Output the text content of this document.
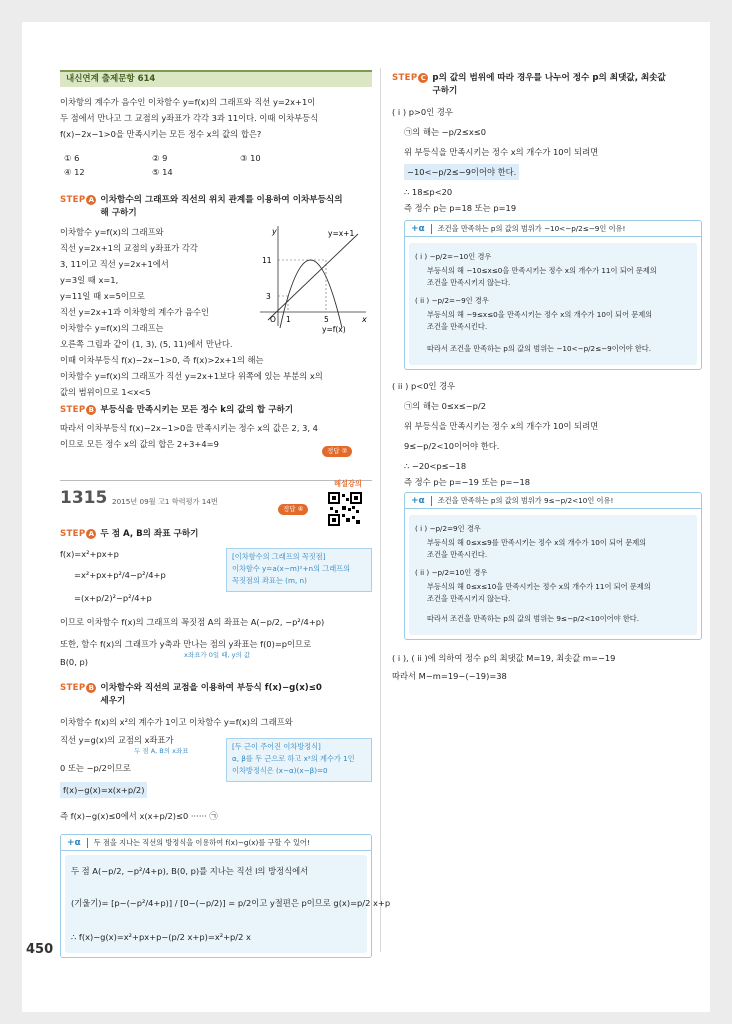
내신연계 출제문항 614
이차항의 계수가 음수인 이차함수 y=f(x)의 그래프와 직선 y=2x+1이
두 점에서 만나고 그 교점의 y좌표가 각각 3과 11이다. 이때 이차부등식
f(x)−2x−1>0을 만족시키는 모든 정수 x의 값의 합은?
① 6	② 9	③ 10
④ 12	⑤ 14
STEP A 이차함수의 그래프와 직선의 위치 관계를 이용하여 이차부등식의
해 구하기
이차함수 y=f(x)의 그래프와
직선 y=2x+1의 교점의 y좌표가 각각
3, 11이고 직선 y=2x+1에서
y=3일 때 x=1,
y=11일 때 x=5이므로
직선 y=2x+1과 이차항의 계수가 음수인
이차함수 y=f(x)의 그래프는
오른쪽 그림과 같이 (1, 3), (5, 11)에서 만난다.
이때 이차부등식 f(x)−2x−1>0, 즉 f(x)>2x+1의 해는
이차함수 y=f(x)의 그래프가 직선 y=2x+1보다 위쪽에 있는 부분의 x의
값의 범위이므로 1<x<5
y
x
y=x+1
y=f(x)
11
3
O 1	5
STEP B 부등식을 만족시키는 모든 정수 k의 값의 합 구하기
따라서 이차부등식 f(x)−2x−1>0을 만족시키는 정수 x의 값은 2, 3, 4
이므로 모든 정수 x의 값의 합은 2+3+4=9
정답 ②
해설강의
1315 2015년 09월 고1 학력평가 14번
정답 ④
STEP A 두 점 A, B의 좌표 구하기
f(x)=x²+px+p
=x²+px+p²/4−p²/4+p
=(x+p/2)²−p²/4+p
[이차함수의 그래프의 꼭짓점]
이차함수 y=a(x−m)²+n의 그래프의
꼭짓점의 좌표는 (m, n)
이므로 이차함수 f(x)의 그래프의 꼭짓점 A의 좌표는 A(−p/2, −p²/4+p)
또한, 함수 f(x)의 그래프가 y축과 만나는 점의 y좌표는 f(0)=p이므로
x좌표가 0일 때, y의 값
B(0, p)
STEP B 이차함수와 직선의 교점을 이용하여 부등식 f(x)−g(x)≤0
세우기
이차함수 f(x)의 x²의 계수가 1이고 이차함수 y=f(x)의 그래프와
직선 y=g(x)의 교점의 x좌표가
두 점 A, B의 x좌표
0 또는 −p/2이므로
f(x)−g(x)=x(x+p/2)
즉 f(x)−g(x)≤0에서 x(x+p/2)≤0 ······ ㉠
[두 근이 주어진 이차방정식]
α, β를 두 근으로 하고 x²의 계수가 1인
이차방정식은 (x−α)(x−β)=0
+α 두 점을 지나는 직선의 방정식을 이용하여 f(x)−g(x)를 구할 수 있어!
두 점 A(−p/2, −p²/4+p), B(0, p)를 지나는 직선 l의 방정식에서
(기울기)= [p−(−p²/4+p)] / [0−(−p/2)] = p/2이고 y절편은 p이므로 g(x)=p/2 x+p
∴ f(x)−g(x)=x²+px+p−(p/2 x+p)=x²+p/2 x
450
STEP C p의 값의 범위에 따라 경우를 나누어 정수 p의 최댓값, 최솟값
구하기
( i ) p>0인 경우
㉠의 해는 −p/2≤x≤0
위 부등식을 만족시키는 정수 x의 개수가 10이 되려면
−10<−p/2≤−9이어야 한다.
∴ 18≤p<20
즉 정수 p는 p=18 또는 p=19
+α 조건을 만족하는 p의 값의 범위가 −10<−p/2≤−9인 이유!
( i ) −p/2=−10인 경우
부등식의 해 −10≤x≤0을 만족시키는 정수 x의 개수가 11이 되어 문제의
조건을 만족시키지 않는다.
( ii ) −p/2=−9인 경우
부등식의 해 −9≤x≤0을 만족시키는 정수 x의 개수가 10이 되어 문제의
조건을 만족시킨다.
따라서 조건을 만족하는 p의 값의 범위는 −10<−p/2≤−9이어야 한다.
( ii ) p<0인 경우
㉠의 해는 0≤x≤−p/2
위 부등식을 만족시키는 정수 x의 개수가 10이 되려면
9≤−p/2<10이어야 한다.
∴ −20<p≤−18
즉 정수 p는 p=−19 또는 p=−18
+α 조건을 만족하는 p의 값의 범위가 9≤−p/2<10인 이유!
( i ) −p/2=9인 경우
부등식의 해 0≤x≤9를 만족시키는 정수 x의 개수가 10이 되어 문제의
조건을 만족시킨다.
( ii ) −p/2=10인 경우
부등식의 해 0≤x≤10을 만족시키는 정수 x의 개수가 11이 되어 문제의
조건을 만족시키지 않는다.
따라서 조건을 만족하는 p의 값의 범위는 9≤−p/2<10이어야 한다.
( i ), ( ii )에 의하여 정수 p의 최댓값 M=19, 최솟값 m=−19
따라서 M−m=19−(−19)=38
